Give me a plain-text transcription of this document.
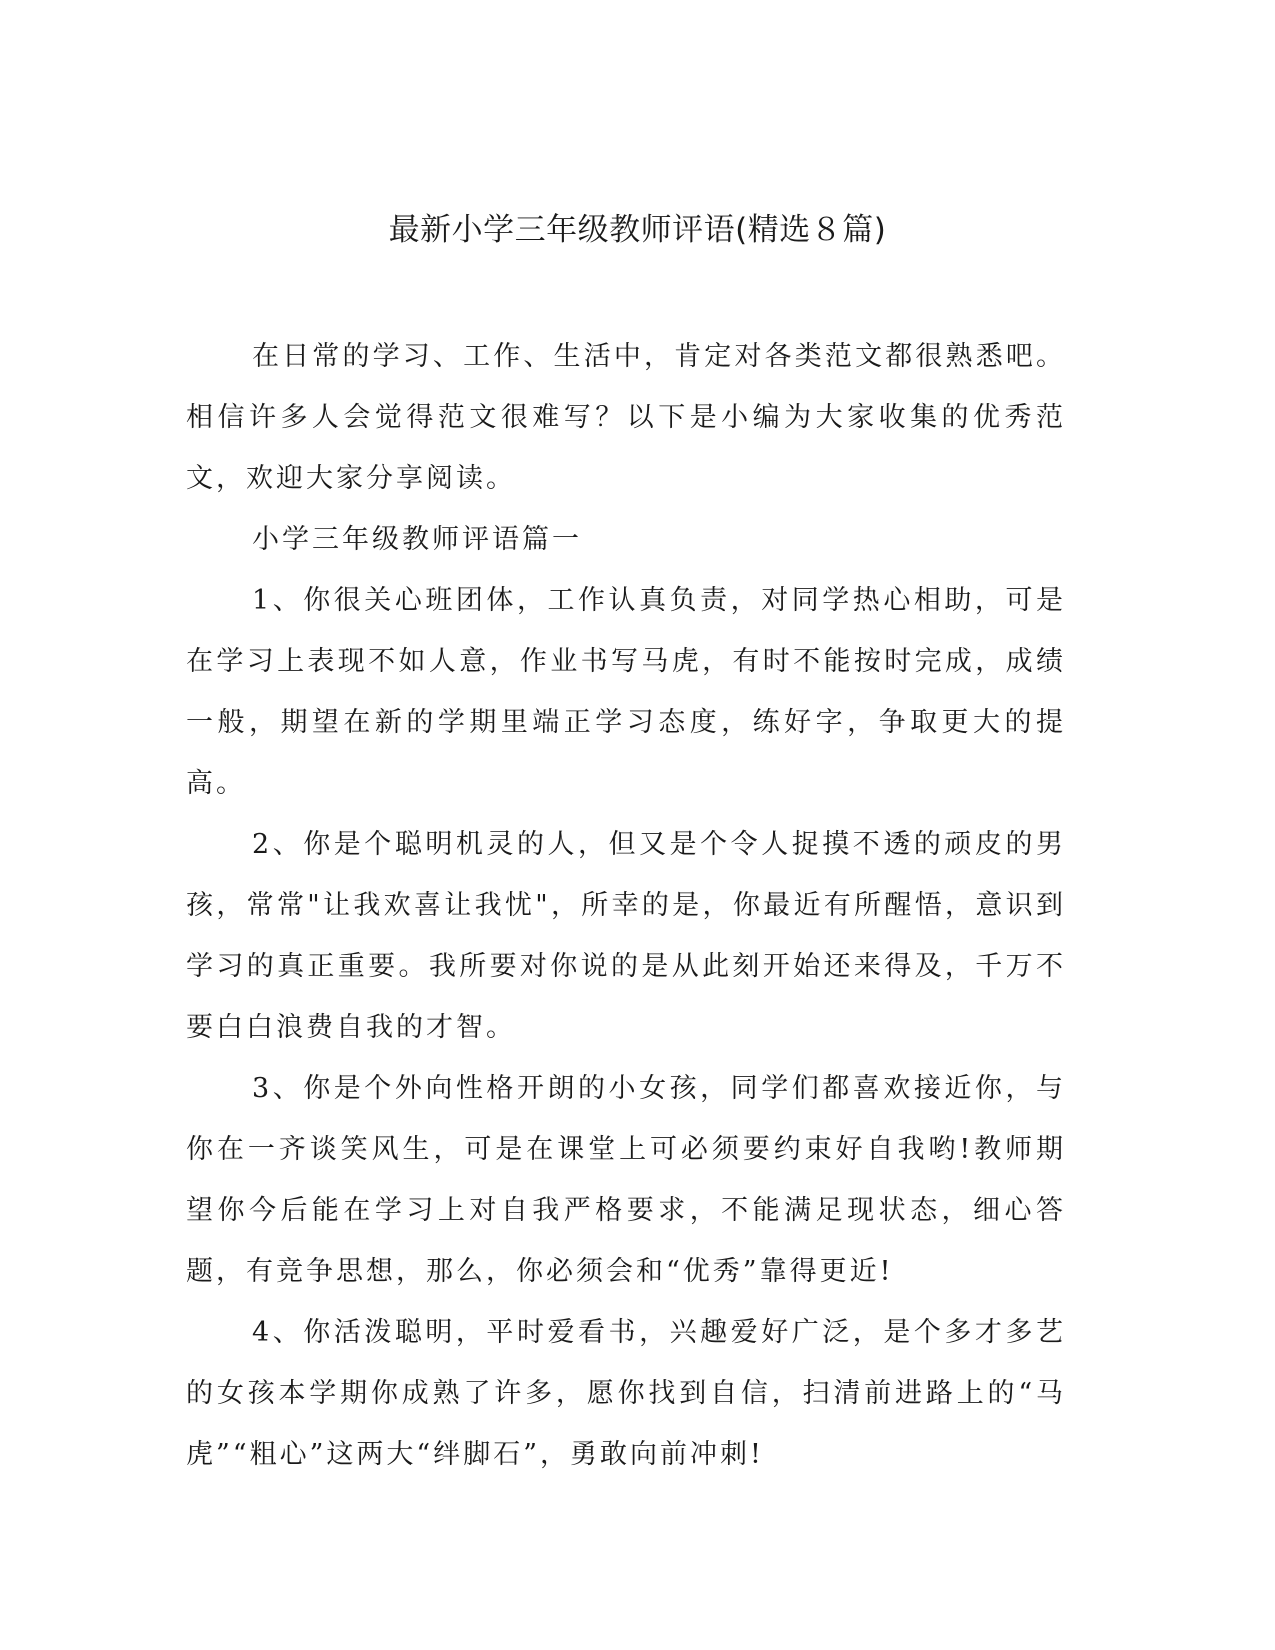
最新小学三年级教师评语(精选８篇)

在日常的学习、工作、生活中，肯定对各类范文都很熟悉吧。相信许多人会觉得范文很难写？以下是小编为大家收集的优秀范文，欢迎大家分享阅读。

小学三年级教师评语篇一

1、你很关心班团体，工作认真负责，对同学热心相助，可是在学习上表现不如人意，作业书写马虎，有时不能按时完成，成绩一般，期望在新的学期里端正学习态度，练好字，争取更大的提高。

2、你是个聪明机灵的人，但又是个令人捉摸不透的顽皮的男孩，常常"让我欢喜让我忧"，所幸的是，你最近有所醒悟，意识到学习的真正重要。我所要对你说的是从此刻开始还来得及，千万不要白白浪费自我的才智。

3、你是个外向性格开朗的小女孩，同学们都喜欢接近你，与你在一齐谈笑风生，可是在课堂上可必须要约束好自我哟!教师期望你今后能在学习上对自我严格要求，不能满足现状态，细心答题，有竞争思想，那么，你必须会和“优秀”靠得更近!

4、你活泼聪明，平时爱看书，兴趣爱好广泛，是个多才多艺的女孩本学期你成熟了许多，愿你找到自信，扫清前进路上的“马虎”“粗心”这两大“绊脚石”，勇敢向前冲刺!
